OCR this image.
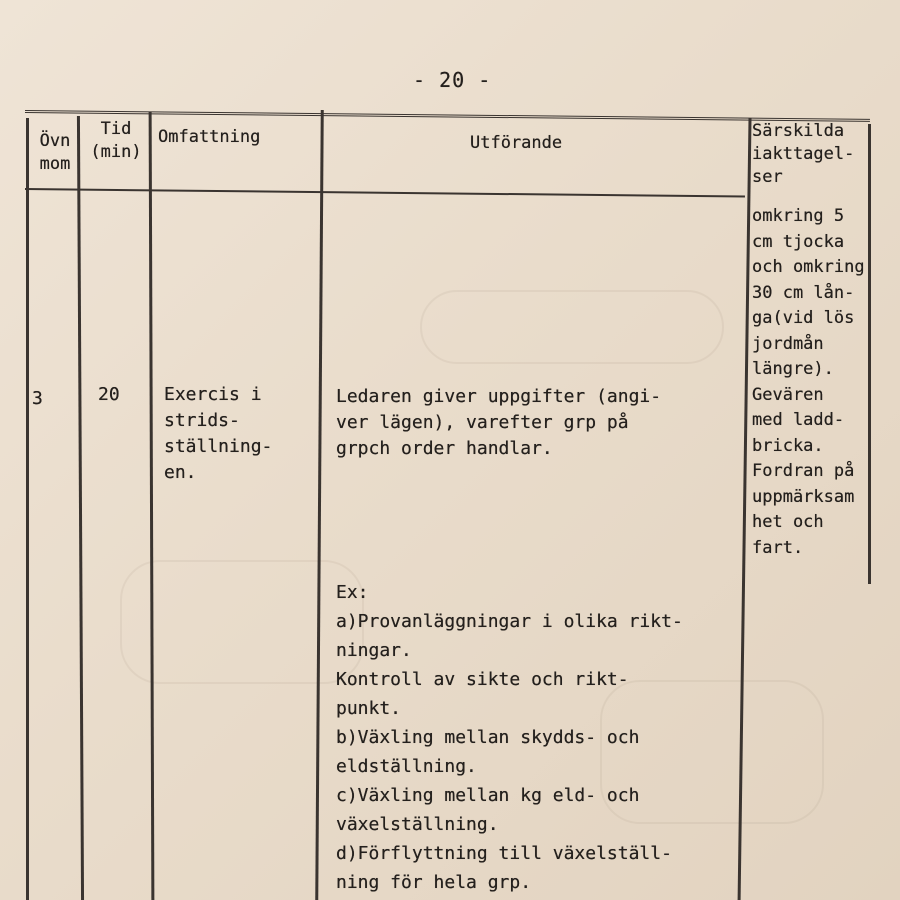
- 20 -
Övn
mom
Tid
(min)
Omfattning	Utförande
Särskilda
iakttagel-
ser
3	20 Exercis i
strids-
ställning-
en.
Ledaren giver uppgifter (angi-
ver lägen), varefter grp på
grpch order handlar.
Ex:
a)Provanläggningar i olika rikt-
ningar.
Kontroll av sikte och rikt-
punkt.
b)Växling mellan skydds- och
eldställning.
c)Växling mellan kg eld- och
växelställning.
d)Förflyttning till växelställ-
ning för hela grp.
omkring 5
cm tjocka
och omkring
30 cm lån-
ga(vid lös
jordmån
längre).
Gevären
med ladd-
bricka.
Fordran på
uppmärksam
het och
fart.
